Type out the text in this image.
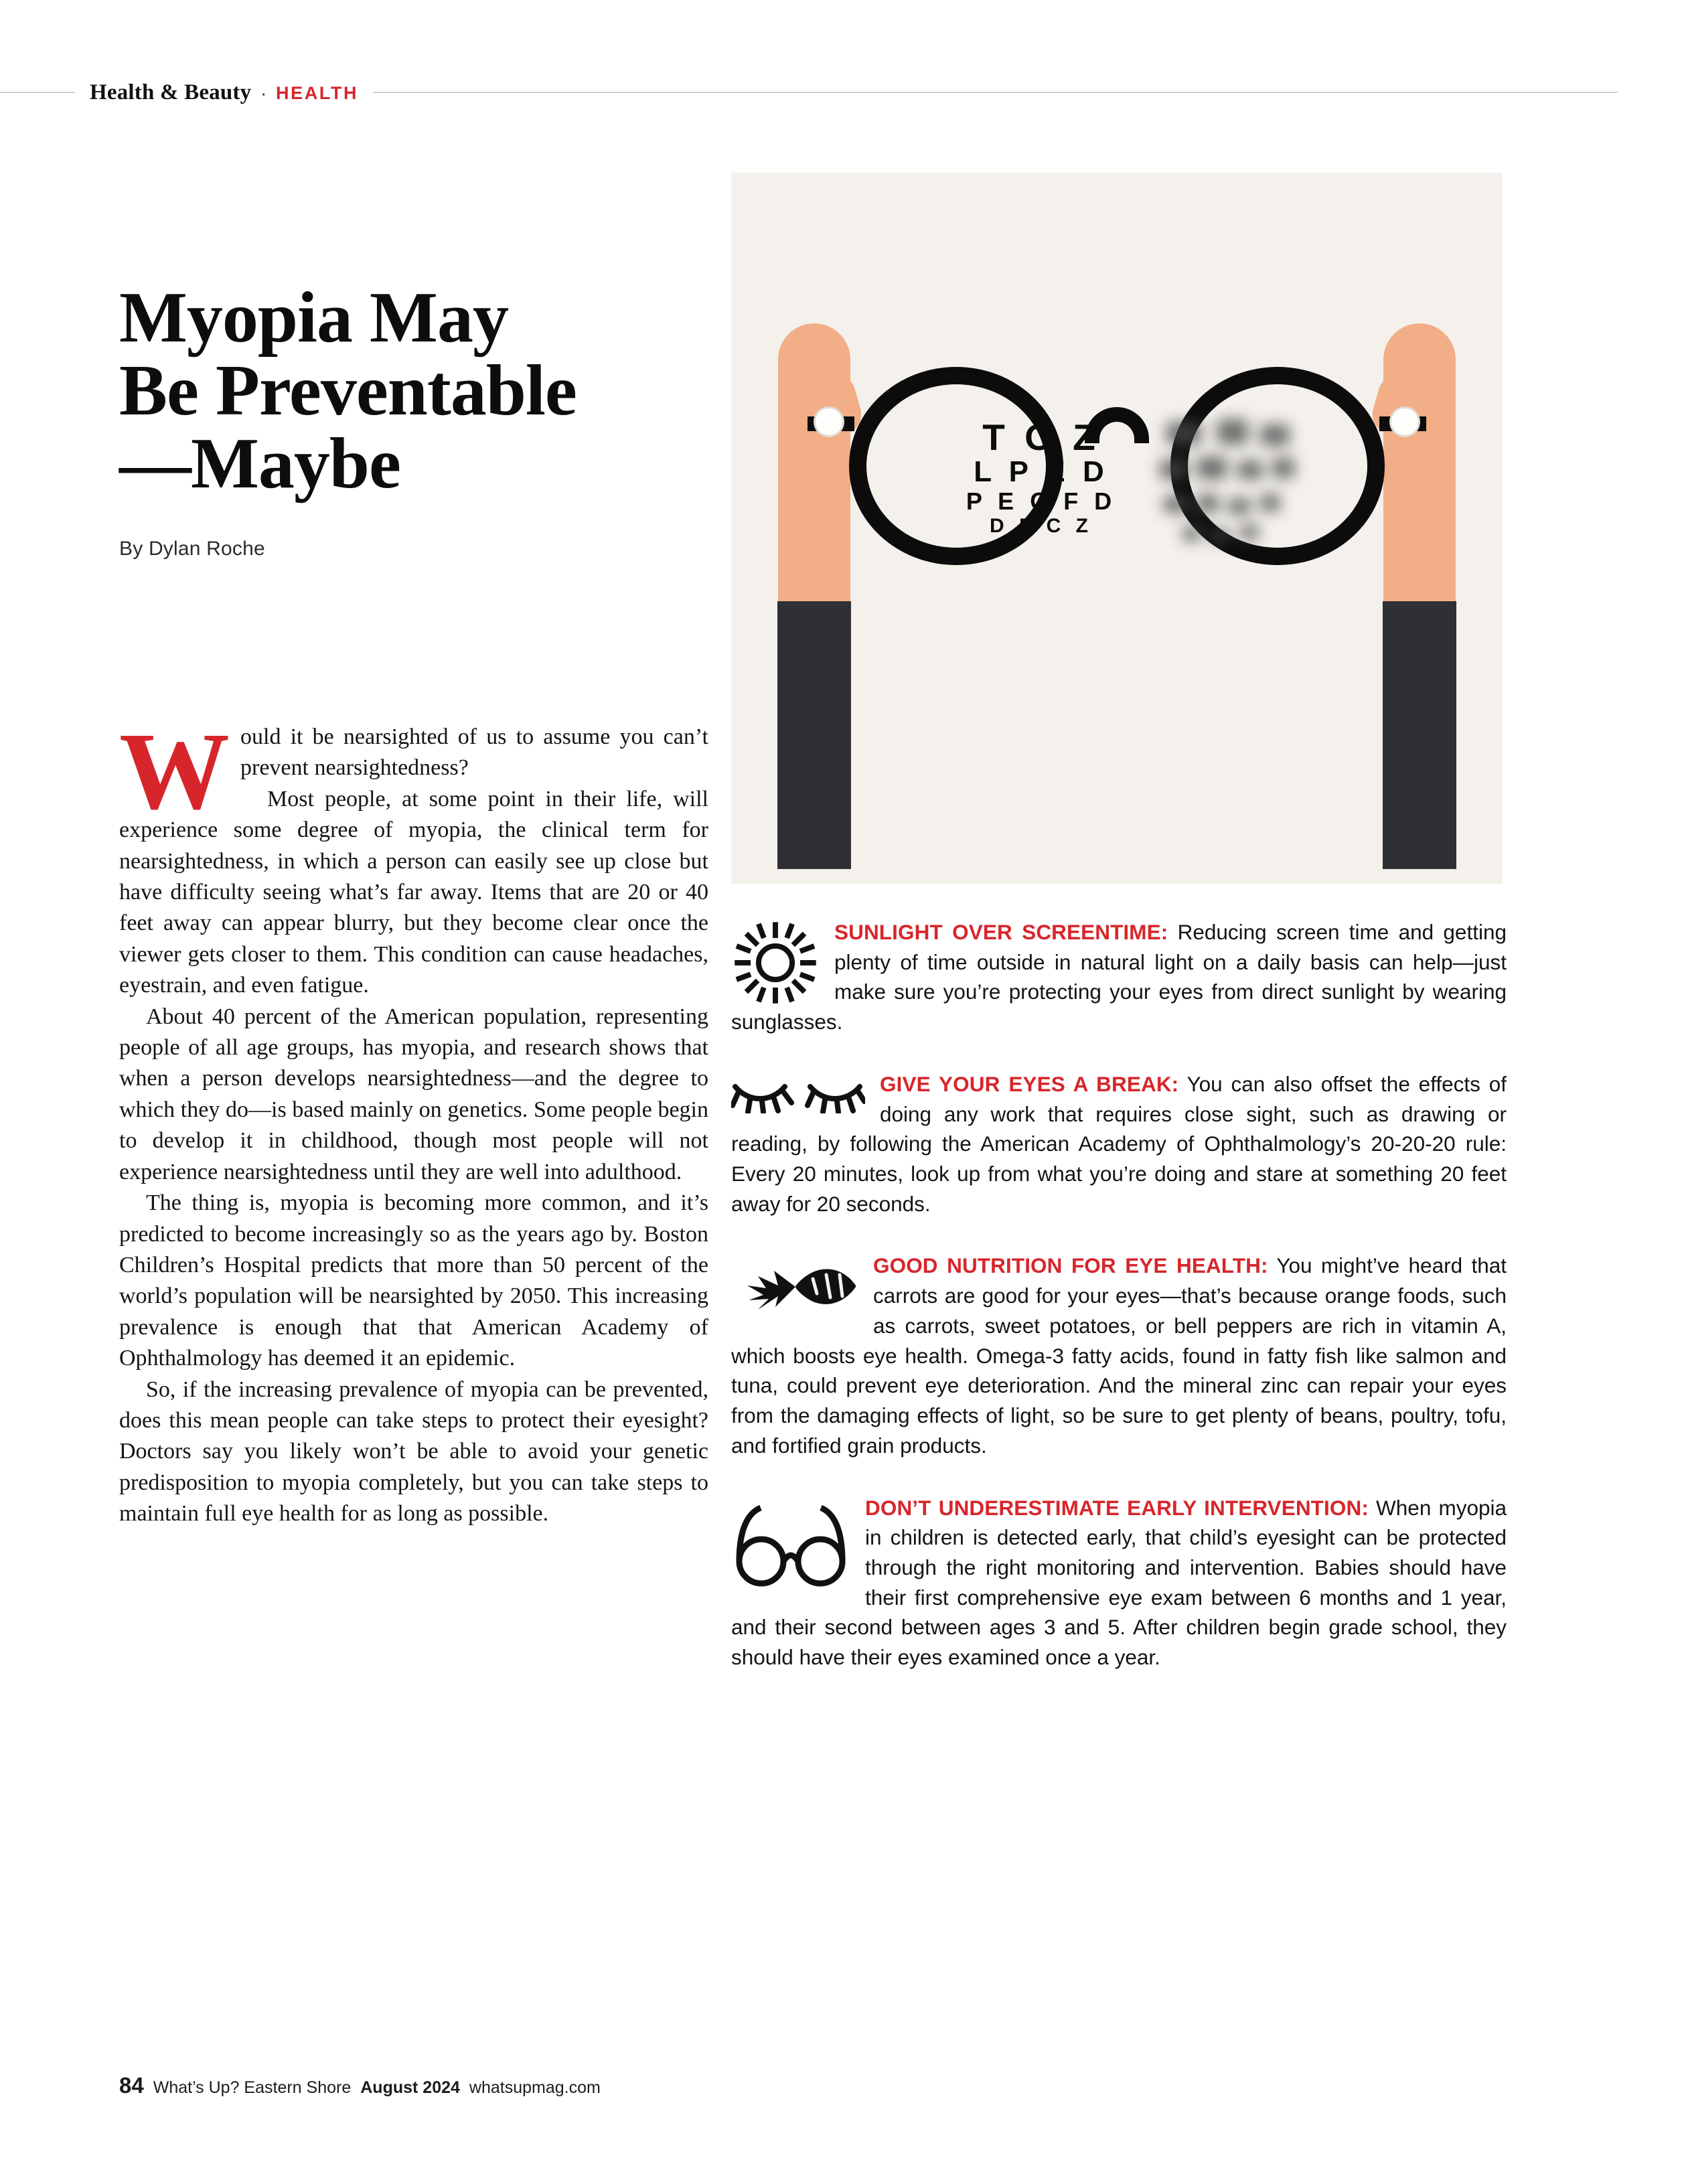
Health & Beauty · HEALTH
Myopia May
Be Preventable
—Maybe
By Dylan Roche

Would it be nearsighted of us to assume you can’t prevent nearsightedness?

Most people, at some point in their life, will experience some degree of myopia, the clinical term for nearsightedness, in which a person can easily see up close but have difficulty seeing what’s far away. Items that are 20 or 40 feet away can appear blurry, but they become clear once the viewer gets closer to them. This condition can cause headaches, eyestrain, and even fatigue.

About 40 percent of the American population, representing people of all age groups, has myopia, and research shows that when a person develops nearsightedness—and the degree to which they do—is based mainly on genetics. Some people begin to develop it in childhood, though most people will not experience nearsightedness until they are well into adulthood.

The thing is, myopia is becoming more common, and it’s predicted to become increasingly so as the years ago by. Boston Children’s Hospital predicts that more than 50 percent of the world’s population will be nearsighted by 2050. This increasing prevalence is enough that that American Academy of Ophthalmology has deemed it an epidemic.

So, if the increasing prevalence of myopia can be prevented, does this mean people can take steps to protect their eyesight? Doctors say you likely won’t be able to avoid your genetic predisposition to myopia completely, but you can take steps to maintain full eye health for as long as possible.

T O Z
L P E D
P E C F D
D F C Z

SUNLIGHT OVER SCREENTIME: Reducing screen time and getting plenty of time outside in natural light on a daily basis can help—just make sure you’re protecting your eyes from direct sunlight by wearing sunglasses.

GIVE YOUR EYES A BREAK: You can also offset the effects of doing any work that requires close sight, such as drawing or reading, by following the American Academy of Ophthalmology’s 20-20-20 rule: Every 20 minutes, look up from what you’re doing and stare at something 20 feet away for 20 seconds.

GOOD NUTRITION FOR EYE HEALTH: You might’ve heard that carrots are good for your eyes—that’s because orange foods, such as carrots, sweet potatoes, or bell peppers are rich in vitamin A, which boosts eye health. Omega-3 fatty acids, found in fatty fish like salmon and tuna, could prevent eye deterioration. And the mineral zinc can repair your eyes from the damaging effects of light, so be sure to get plenty of beans, poultry, tofu, and fortified grain products.

DON’T UNDERESTIMATE EARLY INTERVENTION: When myopia in children is detected early, that child’s eyesight can be protected through the right monitoring and intervention. Babies should have their first comprehensive eye exam between 6 months and 1 year, and their second between ages 3 and 5. After children begin grade school, they should have their eyes examined once a year.

84 What’s Up? Eastern Shore August 2024 whatsupmag.com
